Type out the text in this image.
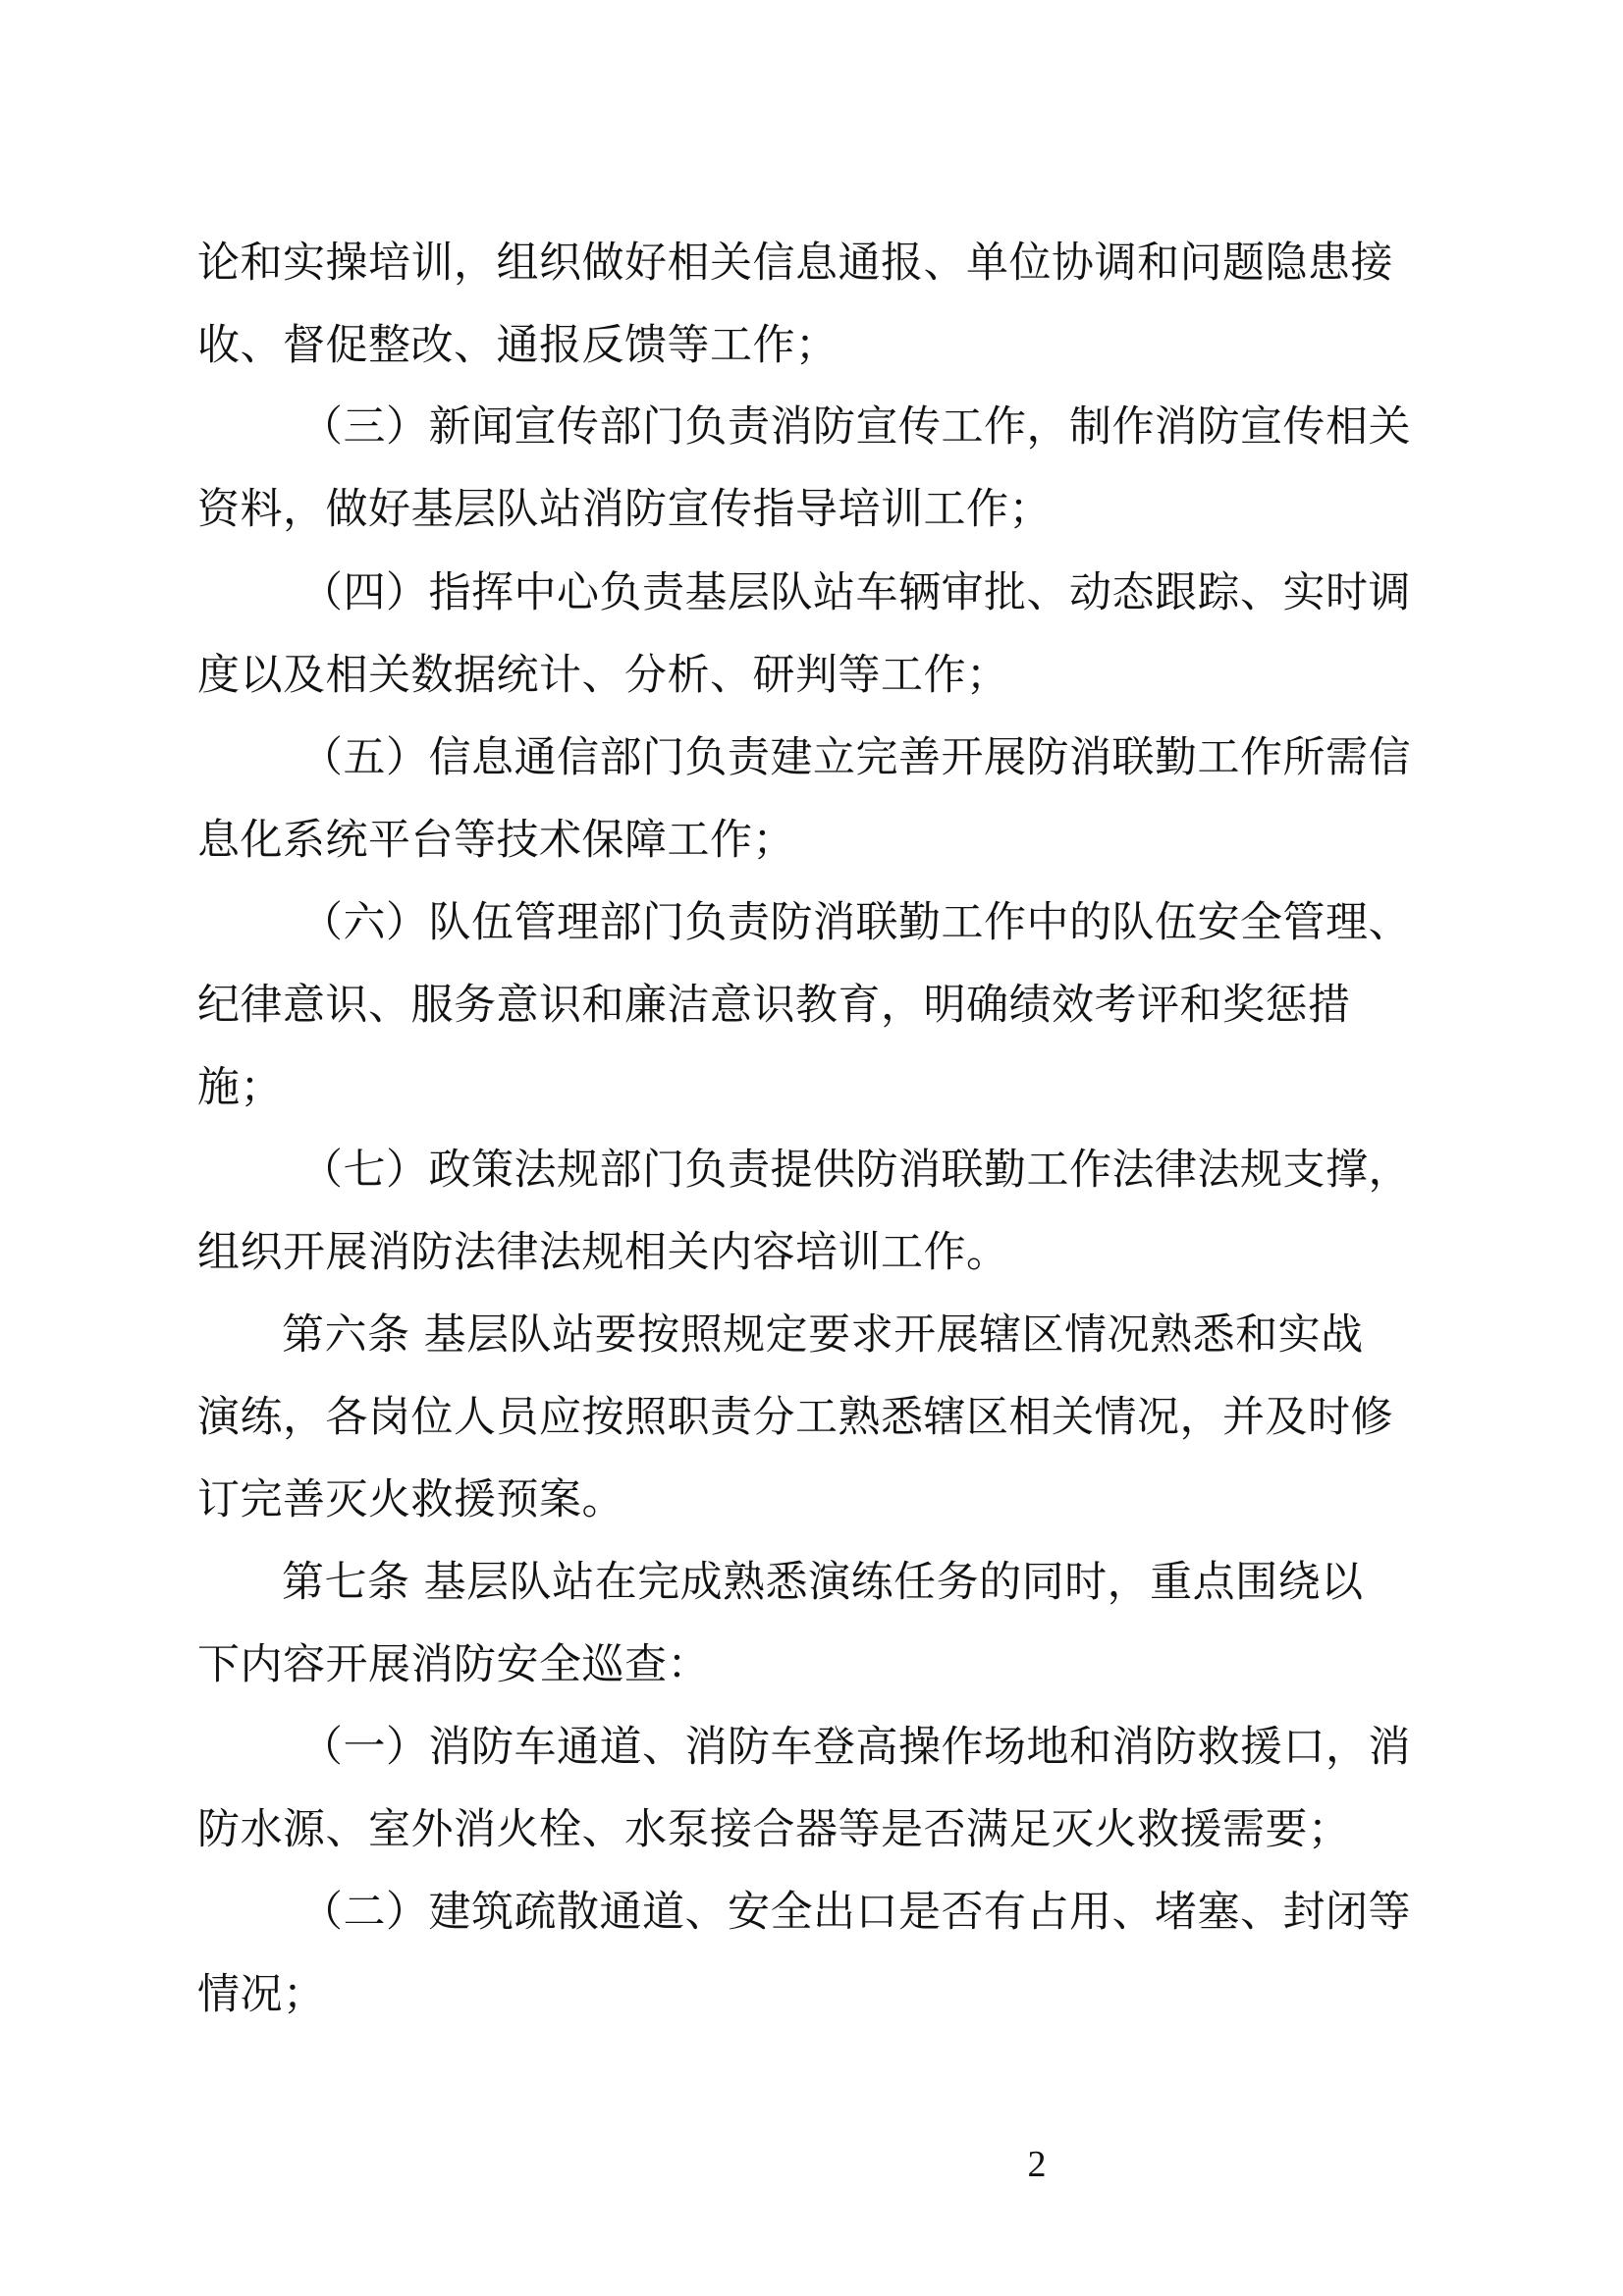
论和实操培训，组织做好相关信息通报、单位协调和问题隐患接
收、督促整改、通报反馈等工作；
（三）新闻宣传部门负责消防宣传工作，制作消防宣传相关
资料，做好基层队站消防宣传指导培训工作；
（四）指挥中心负责基层队站车辆审批、动态跟踪、实时调
度以及相关数据统计、分析、研判等工作；
（五）信息通信部门负责建立完善开展防消联勤工作所需信
息化系统平台等技术保障工作；
（六）队伍管理部门负责防消联勤工作中的队伍安全管理、
纪律意识、服务意识和廉洁意识教育，明确绩效考评和奖惩措
施；
（七）政策法规部门负责提供防消联勤工作法律法规支撑，
组织开展消防法律法规相关内容培训工作。
第六条 基层队站要按照规定要求开展辖区情况熟悉和实战
演练，各岗位人员应按照职责分工熟悉辖区相关情况，并及时修
订完善灭火救援预案。
第七条 基层队站在完成熟悉演练任务的同时，重点围绕以
下内容开展消防安全巡查：
（一）消防车通道、消防车登高操作场地和消防救援口，消
防水源、室外消火栓、水泵接合器等是否满足灭火救援需要；
（二）建筑疏散通道、安全出口是否有占用、堵塞、封闭等
情况；
2
